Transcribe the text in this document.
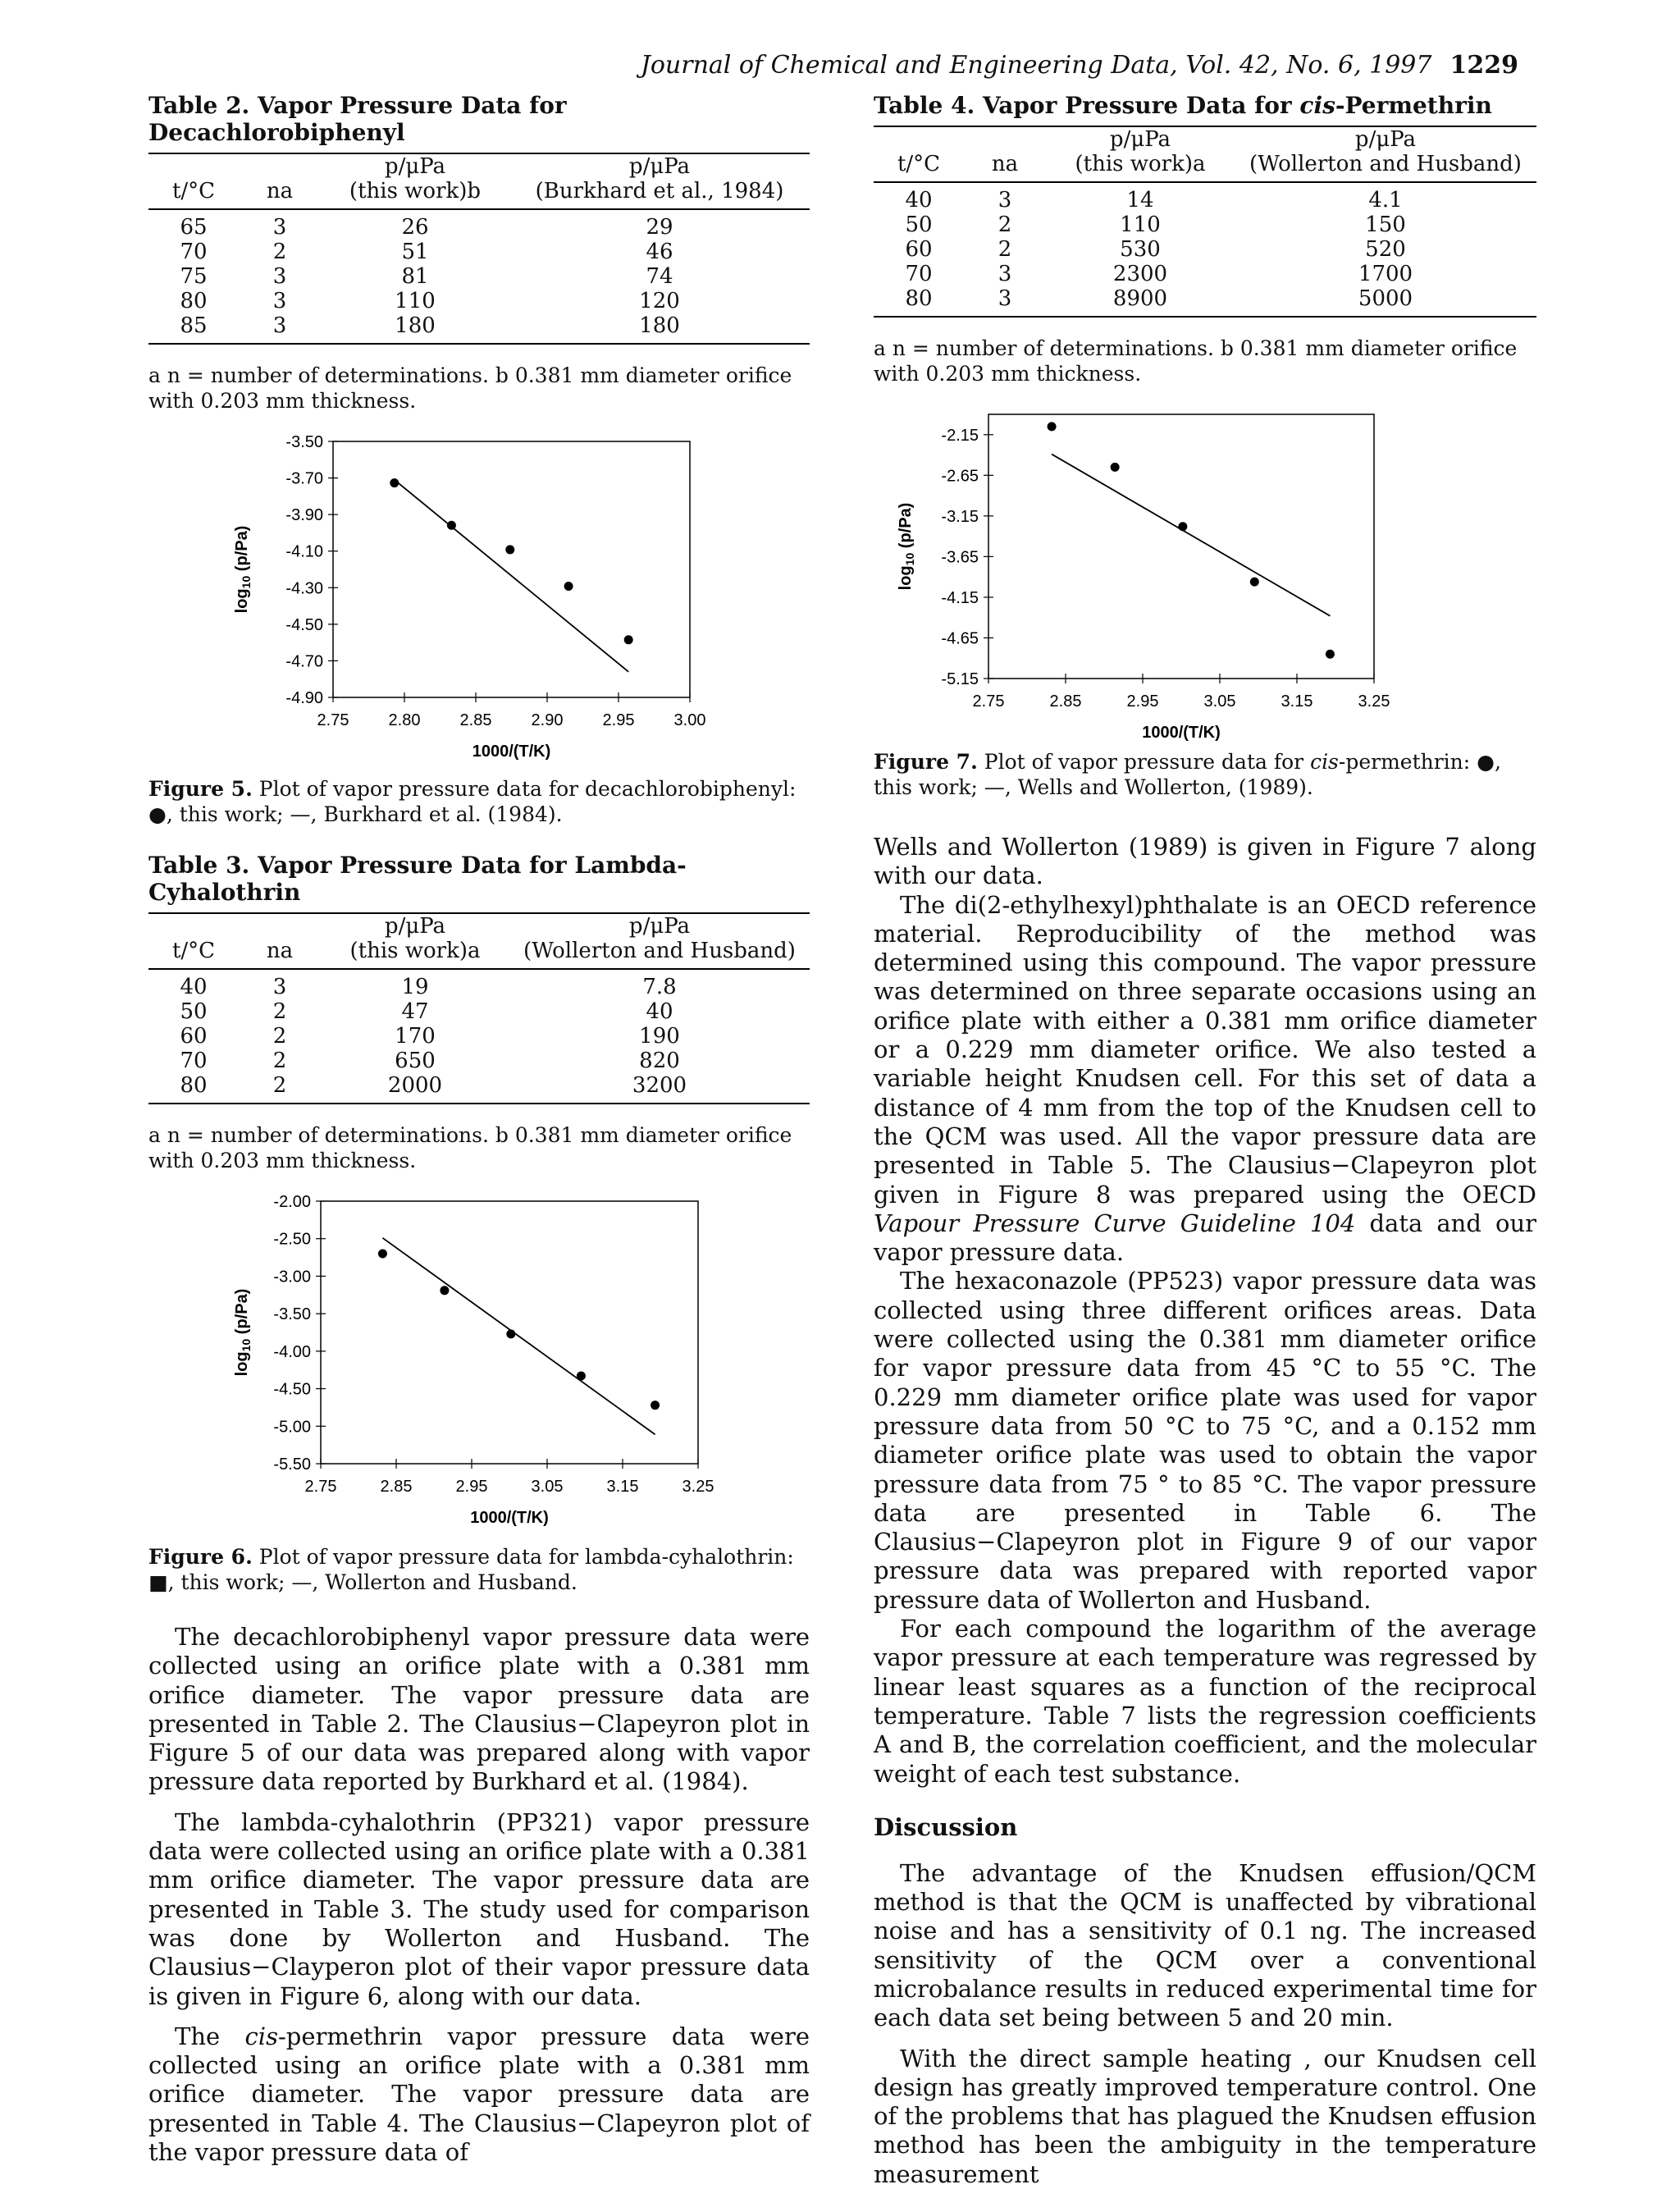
Journal of Chemical and Engineering Data, Vol. 42, No. 6, 1997 1229
Table 2. Vapor Pressure Data for Decachlorobiphenyl
		p/μPa	p/μPa
t/°C	na	(this work)b	(Burkhard et al., 1984)
65	3	26	29
70	2	51	46
75	3	81	74
80	3	110	120
85	3	180	180
a n = number of determinations. b 0.381 mm diameter orifice with 0.203 mm thickness.
-3.50
-3.70
-3.90
-4.10
-4.30
-4.50
-4.70
-4.90
2.75 2.80 2.85 2.90 2.95 3.00
1000/(T/K)
$\log_{10} (p/Pa)$
Figure 5. Plot of vapor pressure data for decachlorobiphenyl: ●, this work; —, Burkhard et al. (1984).
Table 3. Vapor Pressure Data for Lambda-Cyhalothrin
		p/μPa	p/μPa
t/°C	na	(this work)a	(Wollerton and Husband)
40	3	19	7.8
50	2	47	40
60	2	170	190
70	2	650	820
80	2	2000	3200
a n = number of determinations. b 0.381 mm diameter orifice with 0.203 mm thickness.
-2.00
-2.50
-3.00
-3.50
-4.00
-4.50
-5.00
-5.50
2.75	2.85	2.95	3.05	3.15	3.25
1000/(T/K)
$\log_{10} (p/Pa)$
Figure 6. Plot of vapor pressure data for lambda-cyhalothrin: ■, this work; —, Wollerton and Husband.

The decachlorobiphenyl vapor pressure data were collected using an orifice plate with a 0.381 mm orifice diameter. The vapor pressure data are presented in Table 2. The Clausius−Clapeyron plot in Figure 5 of our data was prepared along with vapor pressure data reported by Burkhard et al. (1984).

The lambda-cyhalothrin (PP321) vapor pressure data were collected using an orifice plate with a 0.381 mm orifice diameter. The vapor pressure data are presented in Table 3. The study used for comparison was done by Wollerton and Husband. The Clausius−Clayperon plot of their vapor pressure data is given in Figure 6, along with our data.

The cis-permethrin vapor pressure data were collected using an orifice plate with a 0.381 mm orifice diameter. The vapor pressure data are presented in Table 4. The Clausius−Clapeyron plot of the vapor pressure data of

Table 4. Vapor Pressure Data for cis-Permethrin
		p/μPa	p/μPa
t/°C	na	(this work)a	(Wollerton and Husband)
40	3	14	4.1
50	2	110	150
60	2	530	520
70	3	2300	1700
80	3	8900	5000
a n = number of determinations. b 0.381 mm diameter orifice with 0.203 mm thickness.
-2.15
-2.65
-3.15
-3.65
-4.15
-4.65
-5.15
2.75	2.85	2.95	3.05	3.15	3.25
1000/(T/K)
$\log_{10} (p/Pa)$
Figure 7. Plot of vapor pressure data for cis-permethrin: ●, this work; —, Wells and Wollerton, (1989).

Wells and Wollerton (1989) is given in Figure 7 along with our data.

The di(2-ethylhexyl)phthalate is an OECD reference material. Reproducibility of the method was determined using this compound. The vapor pressure was determined on three separate occasions using an orifice plate with either a 0.381 mm orifice diameter or a 0.229 mm diameter orifice. We also tested a variable height Knudsen cell. For this set of data a distance of 4 mm from the top of the Knudsen cell to the QCM was used. All the vapor pressure data are presented in Table 5. The Clausius−Clapeyron plot given in Figure 8 was prepared using the OECD Vapour Pressure Curve Guideline 104 data and our vapor pressure data.

The hexaconazole (PP523) vapor pressure data was collected using three different orifices areas. Data were collected using the 0.381 mm diameter orifice for vapor pressure data from 45 °C to 55 °C. The 0.229 mm diameter orifice plate was used for vapor pressure data from 50 °C to 75 °C, and a 0.152 mm diameter orifice plate was used to obtain the vapor pressure data from 75 ° to 85 °C. The vapor pressure data are presented in Table 6. The Clausius−Clapeyron plot in Figure 9 of our vapor pressure data was prepared with reported vapor pressure data of Wollerton and Husband.

For each compound the logarithm of the average vapor pressure at each temperature was regressed by linear least squares as a function of the reciprocal temperature. Table 7 lists the regression coefficients A and B, the correlation coefficient, and the molecular weight of each test substance.

Discussion

The advantage of the Knudsen effusion/QCM method is that the QCM is unaffected by vibrational noise and has a sensitivity of 0.1 ng. The increased sensitivity of the QCM over a conventional microbalance results in reduced experimental time for each data set being between 5 and 20 min.

With the direct sample heating , our Knudsen cell design has greatly improved temperature control. One of the problems that has plagued the Knudsen effusion method has been the ambiguity in the temperature measurement
